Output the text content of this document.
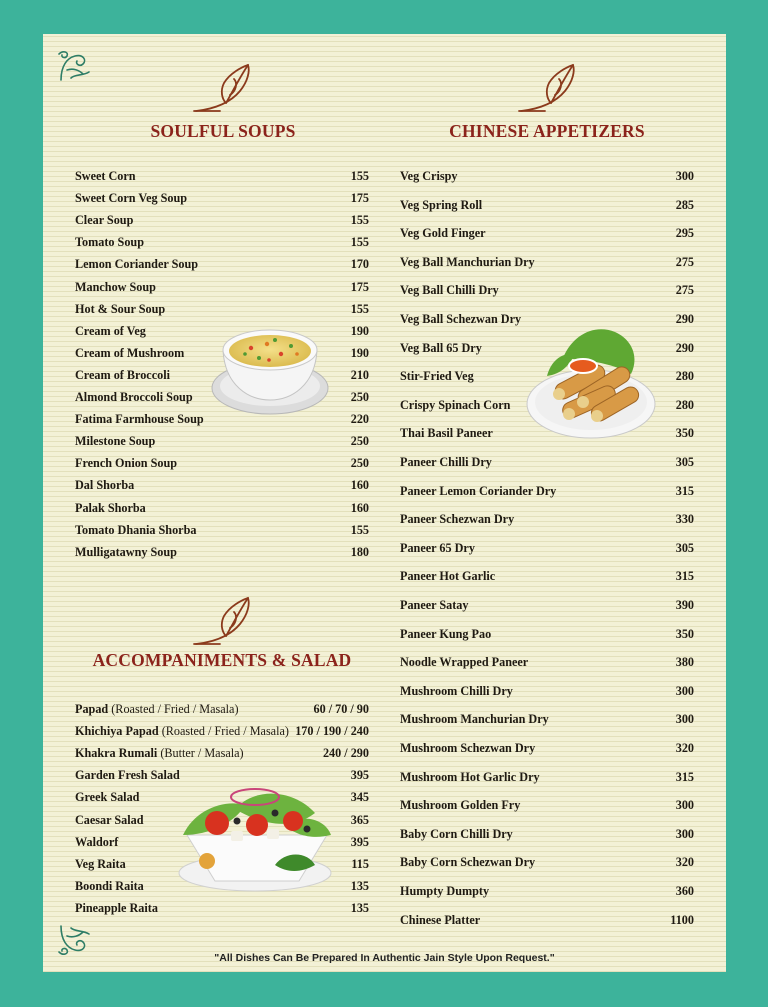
SOULFUL SOUPS	CHINESE APPETIZERS
ACCOMPANIMENTS & SALAD
Sweet Corn	155
Sweet Corn Veg Soup	175
Clear Soup	155
Tomato Soup	155
Lemon Coriander Soup	170
Manchow Soup	175
Hot & Sour Soup	155
Cream of Veg	190
Cream of Mushroom	190
Cream of Broccoli	210
Almond Broccoli Soup	250
Fatima Farmhouse Soup	220
Milestone Soup	250
French Onion Soup	250
Dal Shorba	160
Palak Shorba	160
Tomato Dhania Shorba	155
Mulligatawny Soup	180
Papad (Roasted / Fried / Masala)	60 / 70 / 90
Khichiya Papad (Roasted / Fried / Masala) 170 / 190 / 240
Khakra Rumali (Butter / Masala)	240 / 290
Garden Fresh Salad	395
Greek Salad	345
Caesar Salad	365
Waldorf	395
Veg Raita	115
Boondi Raita	135
Pineapple Raita	135
Veg Crispy	300
Veg Spring Roll	285
Veg Gold Finger	295
Veg Ball Manchurian Dry	275
Veg Ball Chilli Dry	275
Veg Ball Schezwan Dry	290
Veg Ball 65 Dry	290
Stir-Fried Veg	280
Crispy Spinach Corn	280
Thai Basil Paneer	350
Paneer Chilli Dry	305
Paneer Lemon Coriander Dry	315
Paneer Schezwan Dry	330
Paneer 65 Dry	305
Paneer Hot Garlic	315
Paneer Satay	390
Paneer Kung Pao	350
Noodle Wrapped Paneer	380
Mushroom Chilli Dry	300
Mushroom Manchurian Dry	300
Mushroom Schezwan Dry	320
Mushroom Hot Garlic Dry	315
Mushroom Golden Fry	300
Baby Corn Chilli Dry	300
Baby Corn Schezwan Dry	320
Humpty Dumpty	360
Chinese Platter	1100
"All Dishes Can Be Prepared In Authentic Jain Style Upon Request."
